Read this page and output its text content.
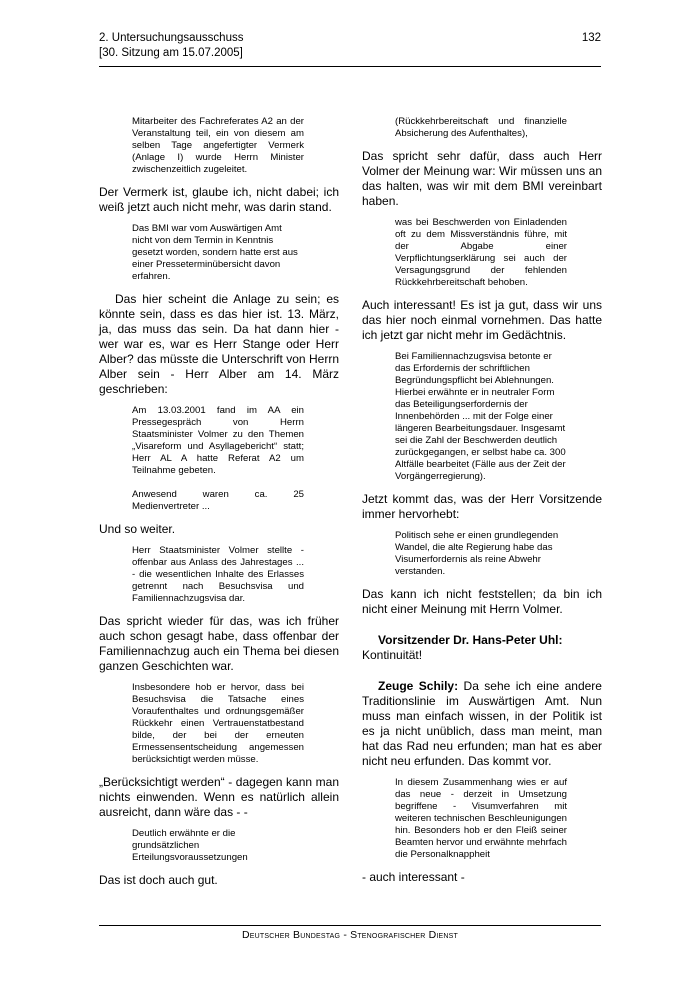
2. Untersuchungsausschuss
[30. Sitzung am 15.07.2005]
132
Mitarbeiter des Fachreferates A2 an der Veranstaltung teil, ein von diesem am selben Tage angefertigter Vermerk (Anlage I) wurde Herrn Minister zwischenzeitlich zugeleitet.
Der Vermerk ist, glaube ich, nicht dabei; ich weiß jetzt auch nicht mehr, was darin stand.
Das BMI war vom Auswärtigen Amt nicht von dem Termin in Kenntnis gesetzt worden, sondern hatte erst aus einer Presseterminübersicht davon erfahren.
Das hier scheint die Anlage zu sein; es könnte sein, dass es das hier ist. 13. März, ja, das muss das sein. Da hat dann hier - wer war es, war es Herr Stange oder Herr Alber? das müsste die Unterschrift von Herrn Alber sein - Herr Alber am 14. März geschrieben:
Am 13.03.2001 fand im AA ein Pressegespräch von Herrn Staatsminister Volmer zu den Themen „Visareform und Asyllagebericht“ statt; Herr AL A hatte Referat A2 um Teilnahme gebeten.
Anwesend waren ca. 25 Medienvertreter ...
Und so weiter.
Herr Staatsminister Volmer stellte - offenbar aus Anlass des Jahrestages ... - die wesentlichen Inhalte des Erlasses getrennt nach Besuchsvisa und Familiennachzugsvisa dar.
Das spricht wieder für das, was ich früher auch schon gesagt habe, dass offenbar der Familiennachzug auch ein Thema bei diesen ganzen Geschichten war.
Insbesondere hob er hervor, dass bei Besuchsvisa die Tatsache eines Voraufenthaltes und ordnungsgemäßer Rückkehr einen Vertrauenstatbestand bilde, der bei der erneuten Ermessensentscheidung angemessen berücksichtigt werden müsse.
„Berücksichtigt werden“ - dagegen kann man nichts einwenden. Wenn es natürlich allein ausreicht, dann wäre das - -
Deutlich erwähnte er die grundsätzlichen Erteilungsvoraussetzungen
Das ist doch auch gut.
(Rückkehrbereitschaft und finanzielle Absicherung des Aufenthaltes),
Das spricht sehr dafür, dass auch Herr Volmer der Meinung war: Wir müssen uns an das halten, was wir mit dem BMI vereinbart haben.
was bei Beschwerden von Einladenden oft zu dem Missverständnis führe, mit der Abgabe einer Verpflichtungserklärung sei auch der Versagungsgrund der fehlenden Rückkehrbereitschaft behoben.
Auch interessant! Es ist ja gut, dass wir uns das hier noch einmal vornehmen. Das hatte ich jetzt gar nicht mehr im Gedächtnis.
Bei Familiennachzugsvisa betonte er das Erfordernis der schriftlichen Begründungspflicht bei Ablehnungen. Hierbei erwähnte er in neutraler Form das Beteiligungserfordernis der Innenbehörden ... mit der Folge einer längeren Bearbeitungsdauer. Insgesamt sei die Zahl der Beschwerden deutlich zurückgegangen, er selbst habe ca. 300 Altfälle bearbeitet (Fälle aus der Zeit der Vorgängerregierung).
Jetzt kommt das, was der Herr Vorsitzende immer hervorhebt:
Politisch sehe er einen grundlegenden Wandel, die alte Regierung habe das Visumerfordernis als reine Abwehr verstanden.
Das kann ich nicht feststellen; da bin ich nicht einer Meinung mit Herrn Volmer.
Vorsitzender Dr. Hans-Peter Uhl: Kontinuität!
Zeuge Schily: Da sehe ich eine andere Traditionslinie im Auswärtigen Amt. Nun muss man einfach wissen, in der Politik ist es ja nicht unüblich, dass man meint, man hat das Rad neu erfunden; man hat es aber nicht neu erfunden. Das kommt vor.
In diesem Zusammenhang wies er auf das neue - derzeit in Umsetzung begriffene - Visumverfahren mit weiteren technischen Beschleunigungen hin. Besonders hob er den Fleiß seiner Beamten hervor und erwähnte mehrfach die Personalknappheit
- auch interessant -
Deutscher Bundestag - Stenografischer Dienst
